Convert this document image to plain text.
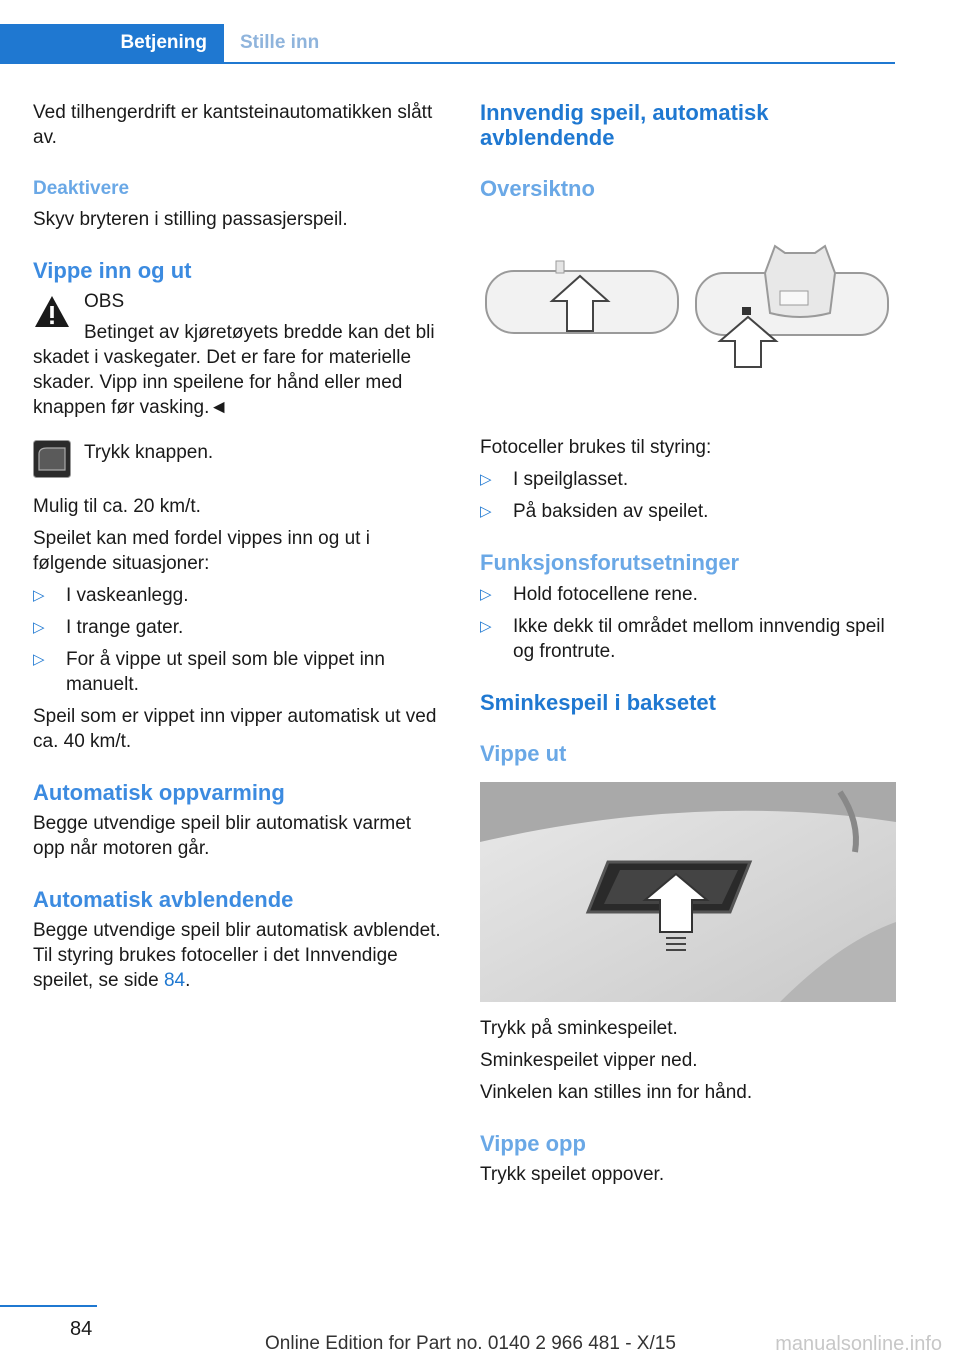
Betjening	Stille inn

Ved tilhengerdrift er kantsteinautomatikken slått av.

Deaktivere

Skyv bryteren i stilling passasjerspeil.

Vippe inn og ut

OBS

Betinget av kjøretøyets bredde kan det bli skadet i vaskegater. Det er fare for materielle skader. Vipp inn speilene for hånd eller med knappen før vasking.◄

Trykk knappen.

Mulig til ca. 20 km/t.

Speilet kan med fordel vippes inn og ut i følgende situasjoner:

▷ I vaskeanlegg.
▷ I trange gater.
▷ For å vippe ut speil som ble vippet inn manuelt.

Speil som er vippet inn vipper automatisk ut ved ca. 40 km/t.

Automatisk oppvarming

Begge utvendige speil blir automatisk varmet opp når motoren går.

Automatisk avblendende

Begge utvendige speil blir automatisk avblendet. Til styring brukes fotoceller i det Innvendige speilet, se side 84.

Innvendig speil, automatisk avblendende
Oversiktno

Fotoceller brukes til styring:

▷ I speilglasset.
▷ På baksiden av speilet.
Funksjonsforutsetninger
▷ Hold fotocellene rene.
▷ Ikke dekk til området mellom innvendig speil og frontrute.
Sminkespeil i baksetet
Vippe ut

Trykk på sminkespeilet.

Sminkespeilet vipper ned.

Vinkelen kan stilles inn for hånd.

Vippe opp

Trykk speilet oppover.

84
Online Edition for Part no. 0140 2 966 481 - X/15	manualsonline.info
